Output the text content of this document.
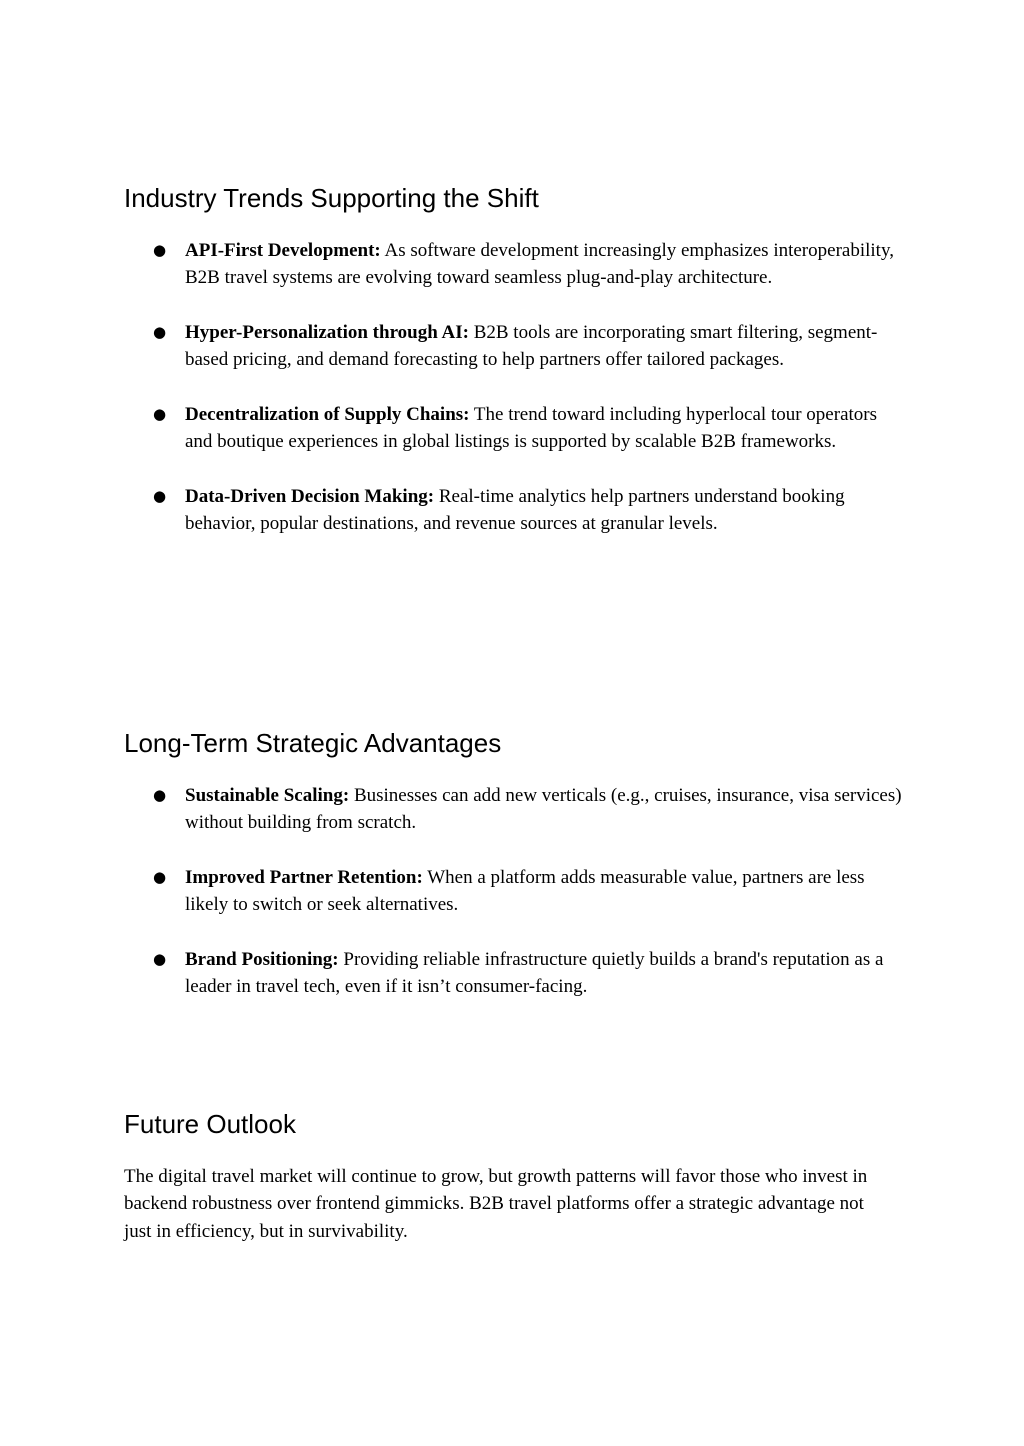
Industry Trends Supporting the Shift
● API-First Development: As software development increasingly emphasizes interoperability, B2B travel systems are evolving toward seamless plug-and-play architecture.
● Hyper-Personalization through AI: B2B tools are incorporating smart filtering, segment-based pricing, and demand forecasting to help partners offer tailored packages.
● Decentralization of Supply Chains: The trend toward including hyperlocal tour operators and boutique experiences in global listings is supported by scalable B2B frameworks.
● Data-Driven Decision Making: Real-time analytics help partners understand booking behavior, popular destinations, and revenue sources at granular levels.
Long-Term Strategic Advantages
● Sustainable Scaling: Businesses can add new verticals (e.g., cruises, insurance, visa services) without building from scratch.
● Improved Partner Retention: When a platform adds measurable value, partners are less likely to switch or seek alternatives.
● Brand Positioning: Providing reliable infrastructure quietly builds a brand's reputation as a leader in travel tech, even if it isn’t consumer-facing.
Future Outlook

The digital travel market will continue to grow, but growth patterns will favor those who invest in backend robustness over frontend gimmicks. B2B travel platforms offer a strategic advantage not just in efficiency, but in survivability.
